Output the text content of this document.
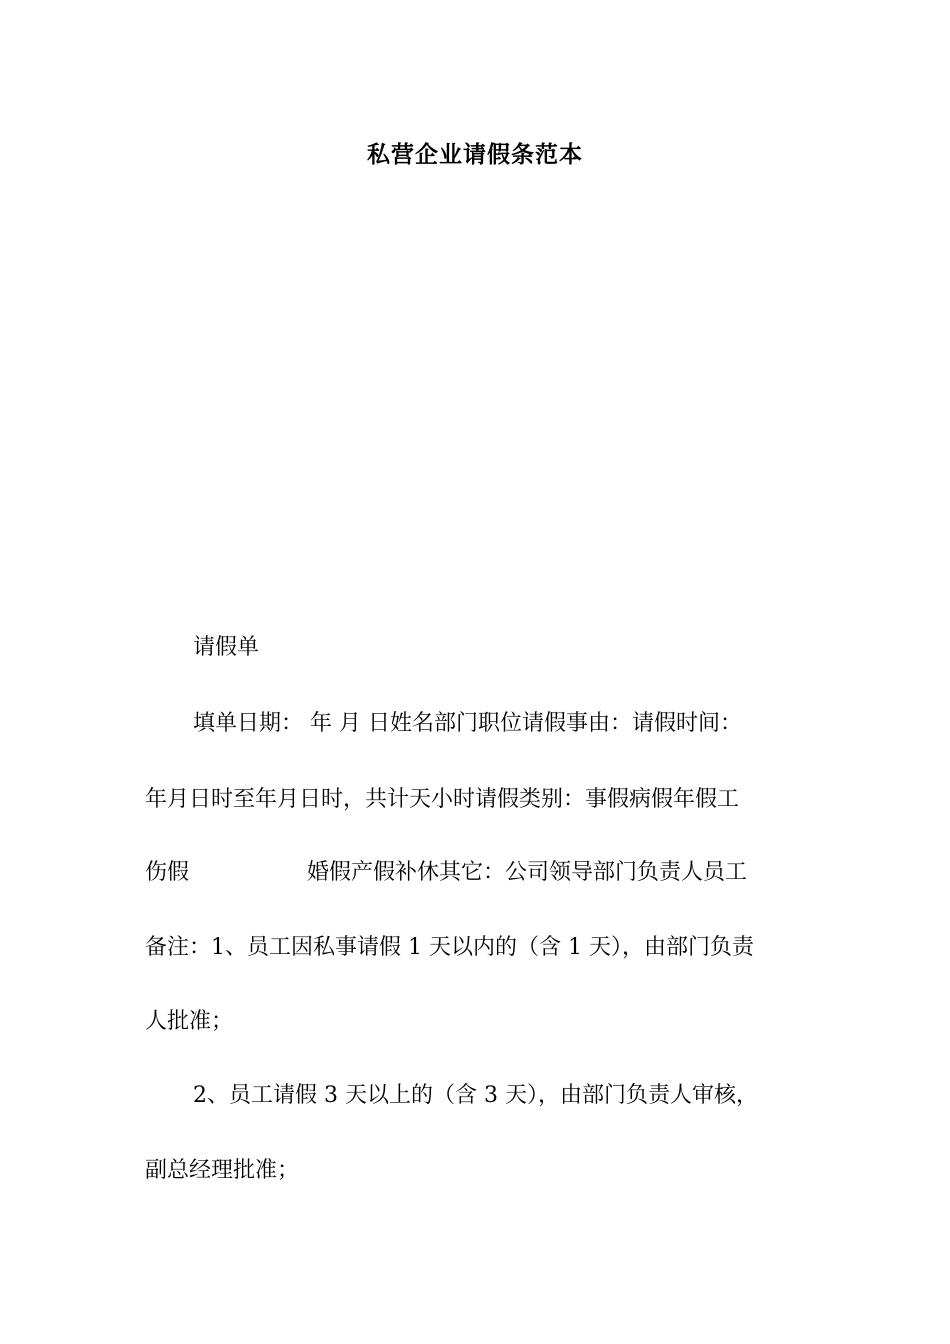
私营企业请假条范本
请假单
填单日期： 年 月 日姓名部门职位请假事由：请假时间：
年月日时至年月日时，共计天小时请假类别：事假病假年假工
伤假	婚假产假补休其它：公司领导部门负责人员工
备注：1、员工因私事请假 1 天以内的（含 1 天），由部门负责
人批准；
2、员工请假 3 天以上的（含 3 天），由部门负责人审核，
副总经理批准；
